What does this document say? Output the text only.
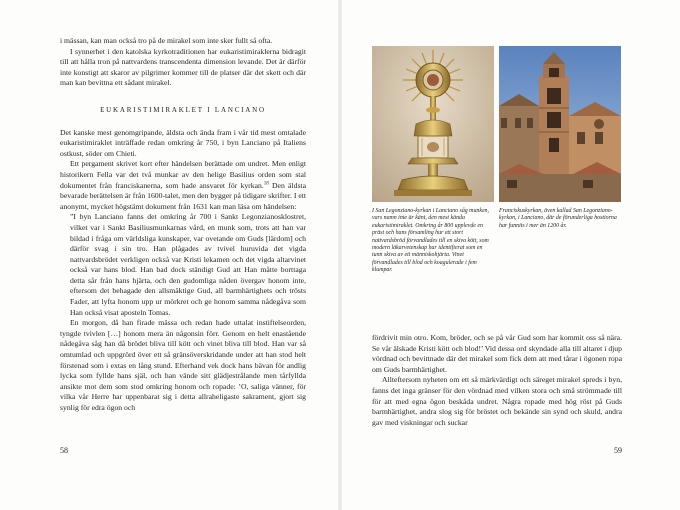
i mässan, kan man också tro på de mirakel som inte sker fullt så ofta.

I synnerhet i den katolska kyrkotraditionen har eukaristimiraklerna bidragit till att hålla tron på nattvardens transcendenta dimension levande. Det är därför inte konstigt att skaror av pilgrimer kommer till de platser där det skett och där man kan bevittna ett sådant mirakel.

EUKARISTIMIRAKLET I LANCIANO

Det kanske mest genomgripande, äldsta och ända fram i vår tid mest omtalade eukaristimiraklet inträffade redan omkring år 750, i byn Lanciano på Italiens ostkust, söder om Chieti.

Ett pergament skrivet kort efter händelsen berättade om undret. Men enligt historikern Fella var det två munkar av den helige Basilius orden som stal dokumentet från franciskanerna, som hade ansvaret för kyrkan.$^{18}$ Den äldsta bevarade berättelsen är från 1600-talet, men den bygger på tidigare skrifter. I ett anonymt, mycket högstämt dokument från 1631 kan man läsa om händelsen:

”I byn Lanciano fanns det omkring år 700 i Sankt Legonzianosklostret, vilket var i Sankt Basiliusmunkarnas vård, en munk som, trots att han var bildad i fråga om världsliga kunskaper, var ovetande om Guds [lärdom] och därför svag i sin tro. Han plågades av tvivel huruvida det vigda nattvardsbrödet verkligen också var Kristi lekamen och det vigda altarvinet också var hans blod. Han bad dock ständigt Gud att Han måtte borttaga detta sår från hans hjärta, och den gudomliga nåden övergav honom inte, eftersom det behagade den allsmäktige Gud, all barmhärtighets och trösts Fader, att lyfta honom upp ur mörkret och ge honom samma nådegåva som Han också visat aposteln Tomas.

En morgon, då han firade mässa och redan hade uttalat instiftelseorden, tyngde tvivlen […] honom mera än någonsin förr. Genom en helt enastående nådegåva såg han då brödet bliva till kött och vinet bliva till blod. Han var så omtumlad och uppgrörd över ett så gränsöverskridande under att han stod helt förstenad som i extas en lång stund. Efterhand vek dock hans bävan för andlig lycka som fyllde hans själ, och han vände sitt glädjestrålande men tårfyllda ansikte mot dem som stod omkring honom och ropade: ’O, saliga vänner, för vilka vår Herre har uppenbarat sig i detta allraheligaste sakrament, gjort sig synlig för edra ögon och

58
I San Legonziano-kyrkan i Lanciano såg munken, vars namn inte är känt, den mest kända eukaristimiraklet. Omkring år 800 upplevde en präst och hans församling hur ett stort nattvardsbröd förvandlades till en skiva kött, som modern läkarvetenskap har identifierat som en tunn skiva av ett människohjärta. Vinet förvandlades till blod och koagulerade i fem klumpar.
Franciskuskyrkan, även kallad San Legonziano-kyrkan, i Lanciano, där de förunderliga hostiorna har funnits i mer än 1200 år.

fördrivit min otro. Kom, bröder, och se på vår Gud som har kommit oss så nära. Se vår älskade Kristi kött och blod!’ Vid dessa ord skyndade alla till altaret i djup vördnad och bevittnade där det mirakel som fick dem att med tårar i ögonen ropa om Guds barmhärtighet.

Allteftersom nyheten om ett så märkvärdigt och säreget mirakel spreds i byn, fanns det inga gränser för den vördnad med vilken stora och små strömmade till för att med egna ögon beskåda undret. Några ropade med hög röst på Guds barmhärtighet, andra slog sig för bröstet och bekände sin synd och skuld, andra gav med viskningar och suckar

59
